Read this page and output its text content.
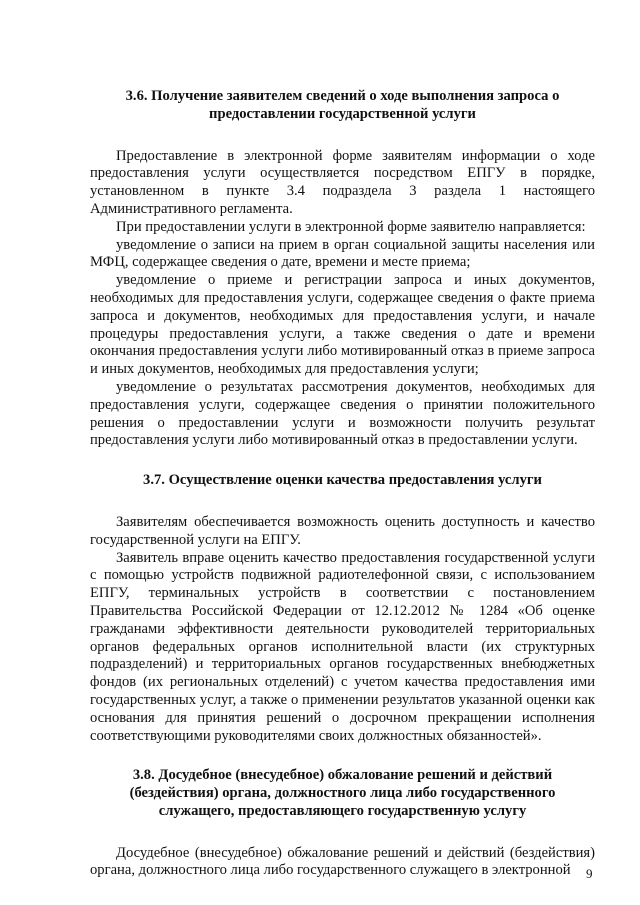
3.6. Получение заявителем сведений о ходе выполнения запроса о предоставлении государственной услуги

Предоставление в электронной форме заявителям информации о ходе предоставления услуги осуществляется посредством ЕПГУ в порядке, установленном в пункте 3.4 подраздела 3 раздела 1 настоящего Административного регламента.

При предоставлении услуги в электронной форме заявителю направляется:

уведомление о записи на прием в орган социальной защиты населения или МФЦ, содержащее сведения о дате, времени и месте приема;

уведомление о приеме и регистрации запроса и иных документов, необходимых для предоставления услуги, содержащее сведения о факте приема запроса и документов, необходимых для предоставления услуги, и начале процедуры предоставления услуги, а также сведения о дате и времени окончания предоставления услуги либо мотивированный отказ в приеме запроса и иных документов, необходимых для предоставления услуги;

уведомление о результатах рассмотрения документов, необходимых для предоставления услуги, содержащее сведения о принятии положительного решения о предоставлении услуги и возможности получить результат предоставления услуги либо мотивированный отказ в предоставлении услуги.

3.7. Осуществление оценки качества предоставления услуги

Заявителям обеспечивается возможность оценить доступность и качество государственной услуги на ЕПГУ.

Заявитель вправе оценить качество предоставления государственной услуги с помощью устройств подвижной радиотелефонной связи, с использованием ЕПГУ, терминальных устройств в соответствии с постановлением Правительства Российской Федерации от 12.12.2012 № 1284 «Об оценке гражданами эффективности деятельности руководителей территориальных органов федеральных органов исполнительной власти (их структурных подразделений) и территориальных органов государственных внебюджетных фондов (их региональных отделений) с учетом качества предоставления ими государственных услуг, а также о применении результатов указанной оценки как основания для принятия решений о досрочном прекращении исполнения соответствующими руководителями своих должностных обязанностей».

3.8. Досудебное (внесудебное) обжалование решений и действий (бездействия) органа, должностного лица либо государственного служащего, предоставляющего государственную услугу

Досудебное (внесудебное) обжалование решений и действий (бездействия) органа, должностного лица либо государственного служащего в электронной	9
